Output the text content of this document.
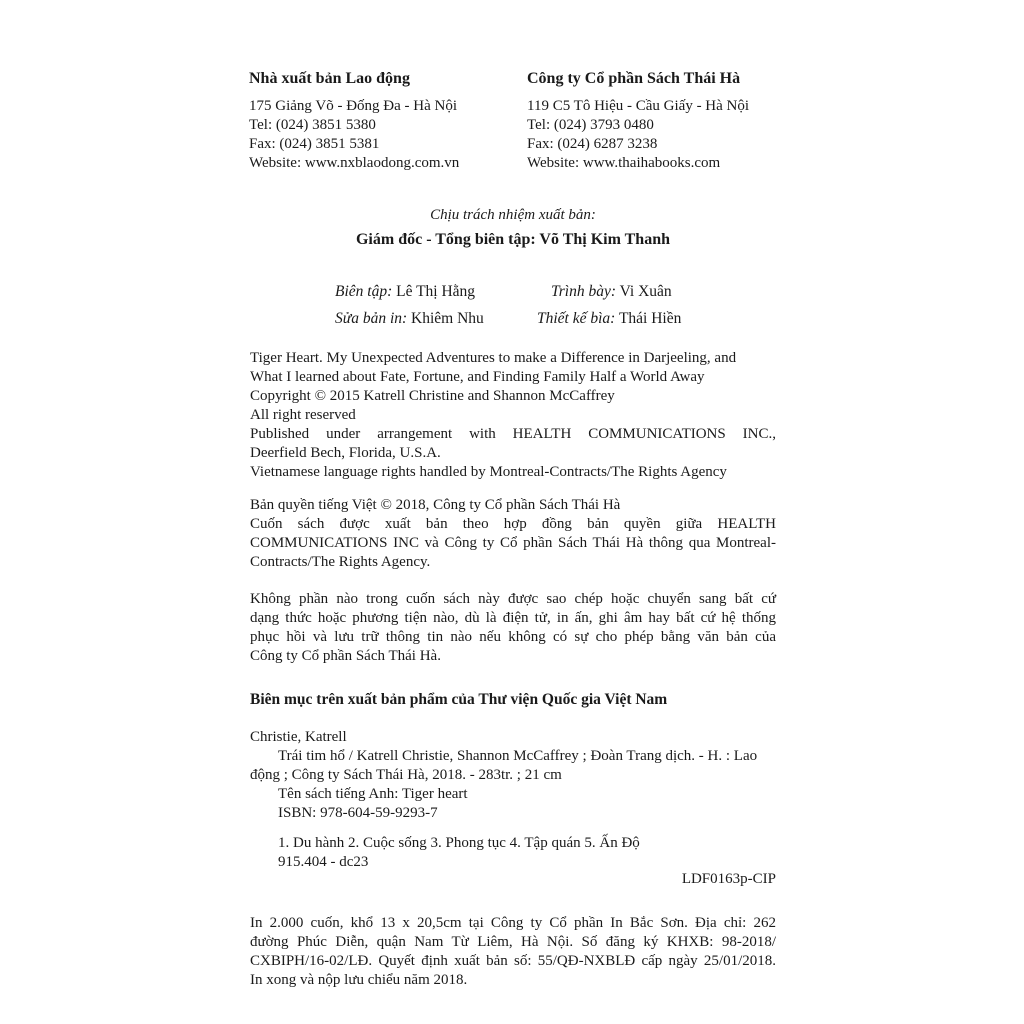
Nhà xuất bản Lao động
175 Giảng Võ - Đống Đa - Hà Nội
Tel: (024) 3851 5380
Fax: (024) 3851 5381
Website: www.nxblaodong.com.vn
Công ty Cổ phần Sách Thái Hà
119 C5 Tô Hiệu - Cầu Giấy - Hà Nội
Tel: (024) 3793 0480
Fax: (024) 6287 3238
Website: www.thaihabooks.com
Chịu trách nhiệm xuất bản:
Giám đốc - Tổng biên tập: Võ Thị Kim Thanh
Biên tập: Lê Thị Hằng
Sửa bản in: Khiêm Nhu
Trình bày: Vi Xuân
Thiết kế bìa: Thái Hiền
Tiger Heart. My Unexpected Adventures to make a Difference in Darjeeling, and
What I learned about Fate, Fortune, and Finding Family Half a World Away
Copyright © 2015 Katrell Christine and Shannon McCaffrey
All right reserved
Published under arrangement with HEALTH COMMUNICATIONS INC.,
Deerfield Bech, Florida, U.S.A.
Vietnamese language rights handled by Montreal-Contracts/The Rights Agency
Bản quyền tiếng Việt © 2018, Công ty Cổ phần Sách Thái Hà
Cuốn sách được xuất bản theo hợp đồng bản quyền giữa HEALTH
COMMUNICATIONS INC và Công ty Cổ phần Sách Thái Hà thông qua Montreal-
Contracts/The Rights Agency.
Không phần nào trong cuốn sách này được sao chép hoặc chuyển sang bất cứ
dạng thức hoặc phương tiện nào, dù là điện tử, in ấn, ghi âm hay bất cứ hệ thống
phục hồi và lưu trữ thông tin nào nếu không có sự cho phép bằng văn bản của
Công ty Cổ phần Sách Thái Hà.
Biên mục trên xuất bản phẩm của Thư viện Quốc gia Việt Nam
Christie, Katrell
Trái tim hổ / Katrell Christie, Shannon McCaffrey ; Đoàn Trang dịch. - H. : Lao
động ; Công ty Sách Thái Hà, 2018. - 283tr. ; 21 cm
Tên sách tiếng Anh: Tiger heart
ISBN: 978-604-59-9293-7
1. Du hành 2. Cuộc sống 3. Phong tục 4. Tập quán 5. Ấn Độ
915.404 - dc23
LDF0163p-CIP
In 2.000 cuốn, khổ 13 x 20,5cm tại Công ty Cổ phần In Bắc Sơn. Địa chỉ: 262
đường Phúc Diễn, quận Nam Từ Liêm, Hà Nội. Số đăng ký KHXB: 98-2018/
CXBIPH/16-02/LĐ. Quyết định xuất bản số: 55/QĐ-NXBLĐ cấp ngày 25/01/2018.
In xong và nộp lưu chiểu năm 2018.
